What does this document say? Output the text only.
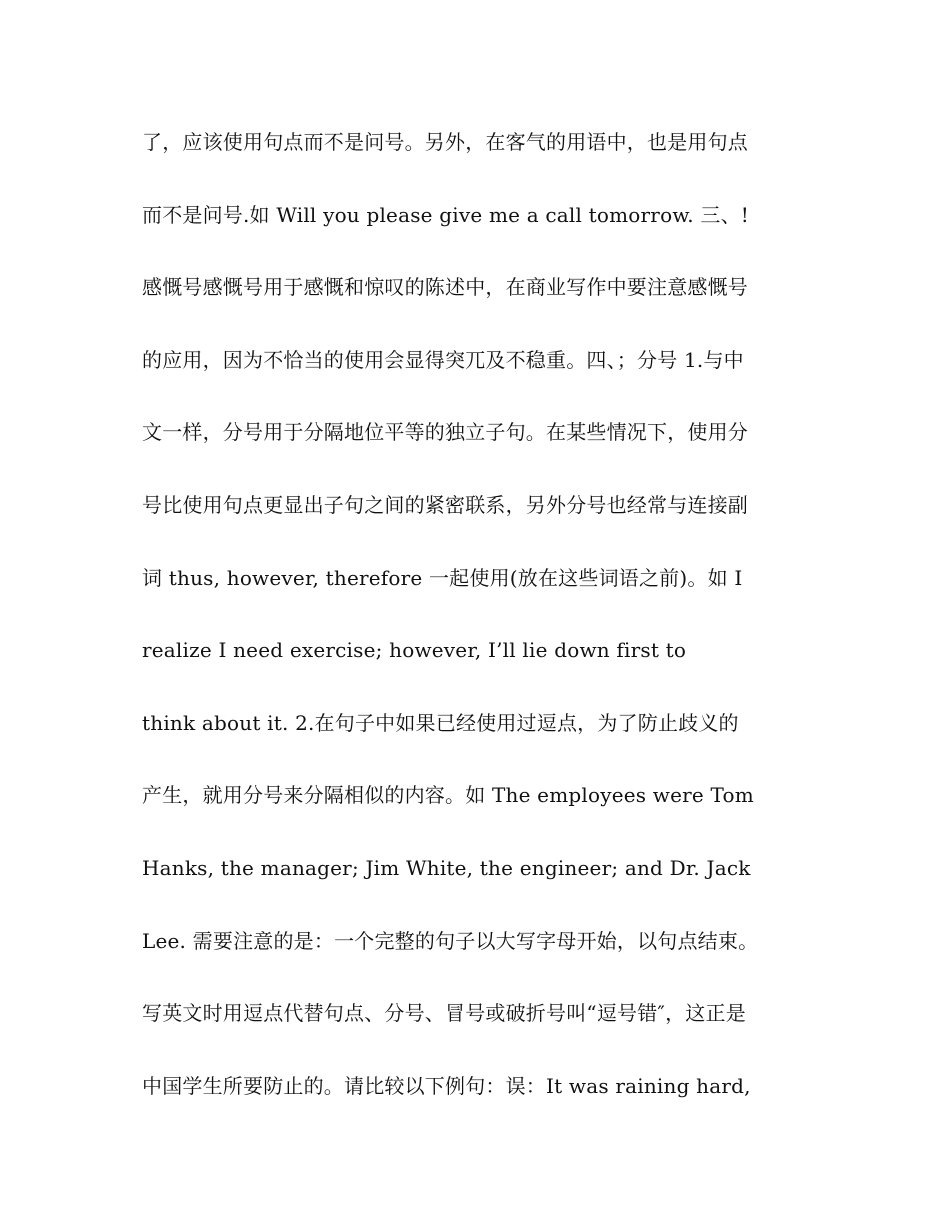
了，应该使用句点而不是问号。另外，在客气的用语中，也是用句点
而不是问号.如 Will you please give me a call tomorrow. 三、!
感慨号感慨号用于感慨和惊叹的陈述中，在商业写作中要注意感慨号
的应用，因为不恰当的使用会显得突兀及不稳重。四、；分号 1.与中
文一样，分号用于分隔地位平等的独立子句。在某些情况下，使用分
号比使用句点更显出子句之间的紧密联系，另外分号也经常与连接副
词 thus, however, therefore 一起使用(放在这些词语之前)。如 I
realize I need exercise; however, I’ll lie down first to
think about it. 2.在句子中如果已经使用过逗点，为了防止歧义的
产生，就用分号来分隔相似的内容。如 The employees were Tom
Hanks, the manager; Jim White, the engineer; and Dr. Jack
Lee. 需要注意的是：一个完整的句子以大写字母开始，以句点结束。
写英文时用逗点代替句点、分号、冒号或破折号叫“逗号错″，这正是
中国学生所要防止的。请比较以下例句：误：It was raining hard,
